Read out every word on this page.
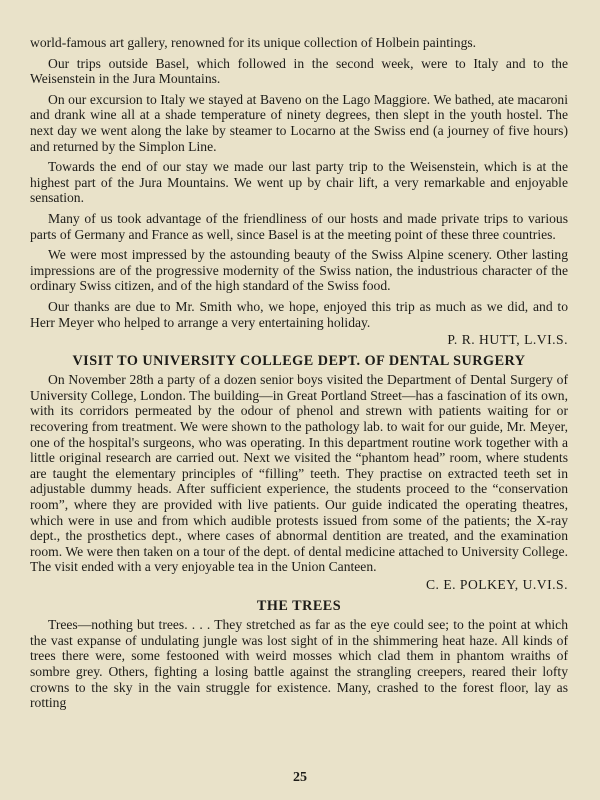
world-famous art gallery, renowned for its unique collection of Holbein paintings.

Our trips outside Basel, which followed in the second week, were to Italy and to the Weisenstein in the Jura Mountains.

On our excursion to Italy we stayed at Baveno on the Lago Maggiore. We bathed, ate macaroni and drank wine all at a shade temperature of ninety degrees, then slept in the youth hostel. The next day we went along the lake by steamer to Locarno at the Swiss end (a journey of five hours) and returned by the Simplon Line.

Towards the end of our stay we made our last party trip to the Weisenstein, which is at the highest part of the Jura Mountains. We went up by chair lift, a very remarkable and enjoyable sensation.

Many of us took advantage of the friendliness of our hosts and made private trips to various parts of Germany and France as well, since Basel is at the meeting point of these three countries.

We were most impressed by the astounding beauty of the Swiss Alpine scenery. Other lasting impressions are of the progressive modernity of the Swiss nation, the industrious character of the ordinary Swiss citizen, and of the high standard of the Swiss food.

Our thanks are due to Mr. Smith who, we hope, enjoyed this trip as much as we did, and to Herr Meyer who helped to arrange a very entertaining holiday.

P. R. HUTT, L.VI.S.
VISIT TO UNIVERSITY COLLEGE DEPT. OF DENTAL SURGERY

On November 28th a party of a dozen senior boys visited the Department of Dental Surgery of University College, London. The building—in Great Portland Street—has a fascination of its own, with its corridors permeated by the odour of phenol and strewn with patients waiting for or recovering from treatment. We were shown to the pathology lab. to wait for our guide, Mr. Meyer, one of the hospital's surgeons, who was operating. In this department routine work together with a little original research are carried out. Next we visited the “phantom head” room, where students are taught the elementary principles of “filling” teeth. They practise on extracted teeth set in adjustable dummy heads. After sufficient experience, the students proceed to the “conservation room”, where they are provided with live patients. Our guide indicated the operating theatres, which were in use and from which audible protests issued from some of the patients; the X-ray dept., the prosthetics dept., where cases of abnormal dentition are treated, and the examination room. We were then taken on a tour of the dept. of dental medicine attached to University College. The visit ended with a very enjoyable tea in the Union Canteen.

C. E. POLKEY, U.VI.S.
THE TREES

Trees—nothing but trees. . . . They stretched as far as the eye could see; to the point at which the vast expanse of undulating jungle was lost sight of in the shimmering heat haze. All kinds of trees there were, some festooned with weird mosses which clad them in phantom wraiths of sombre grey. Others, fighting a losing battle against the strangling creepers, reared their lofty crowns to the sky in the vain struggle for existence. Many, crashed to the forest floor, lay as rotting

25
